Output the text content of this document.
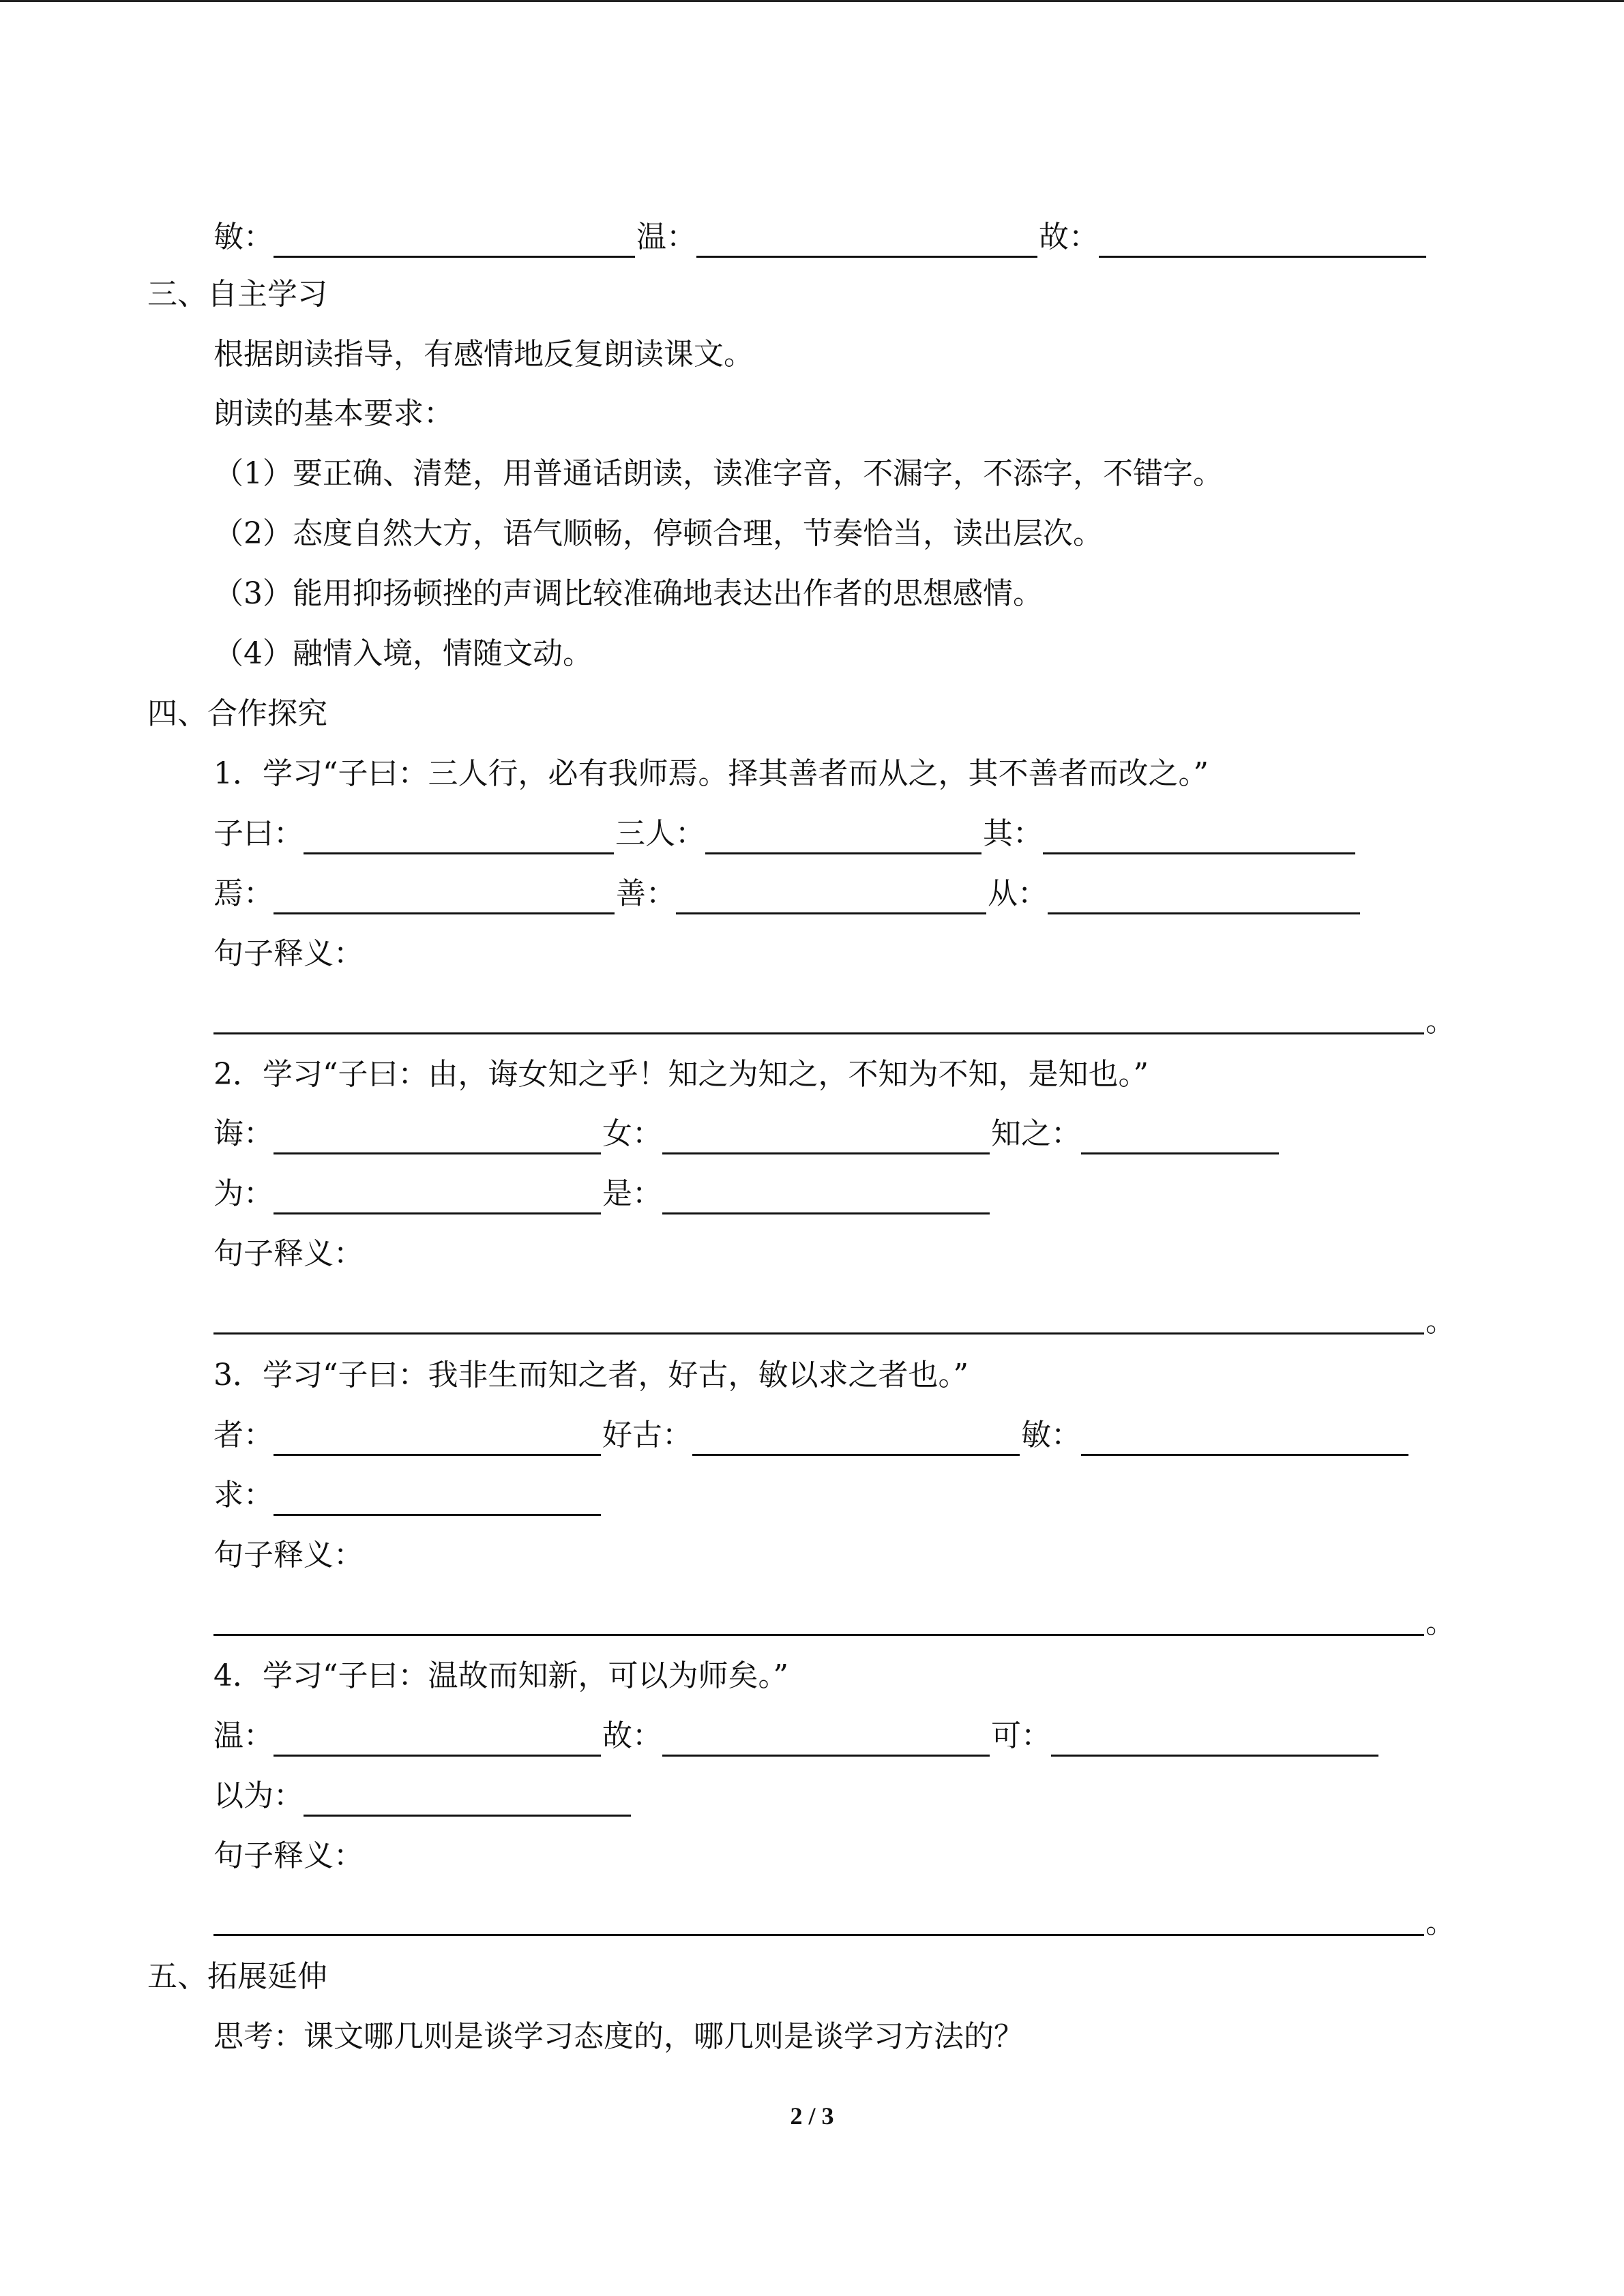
敏：	温：	故：
三、自主学习
根据朗读指导，有感情地反复朗读课文。
朗读的基本要求：
（1）要正确、清楚，用普通话朗读，读准字音，不漏字，不添字，不错字。
（2）态度自然大方，语气顺畅，停顿合理，节奏恰当，读出层次。
（3）能用抑扬顿挫的声调比较准确地表达出作者的思想感情。
（4）融情入境，情随文动。
四、合作探究
1．学习“子曰：三人行，必有我师焉。择其善者而从之，其不善者而改之。”
子曰：	三人：	其：
焉：	善：	从：
句子释义：
。
2．学习“子曰：由，诲女知之乎！知之为知之，不知为不知，是知也。”
诲：	女：	知之：
为：	是：
句子释义：
。
3．学习“子曰：我非生而知之者，好古，敏以求之者也。”
者：	好古：	敏：
求：
句子释义：
。
4．学习“子曰：温故而知新，可以为师矣。”
温：	故：	可：
以为：
句子释义：
。
五、拓展延伸
思考：课文哪几则是谈学习态度的，哪几则是谈学习方法的？
2 / 3
